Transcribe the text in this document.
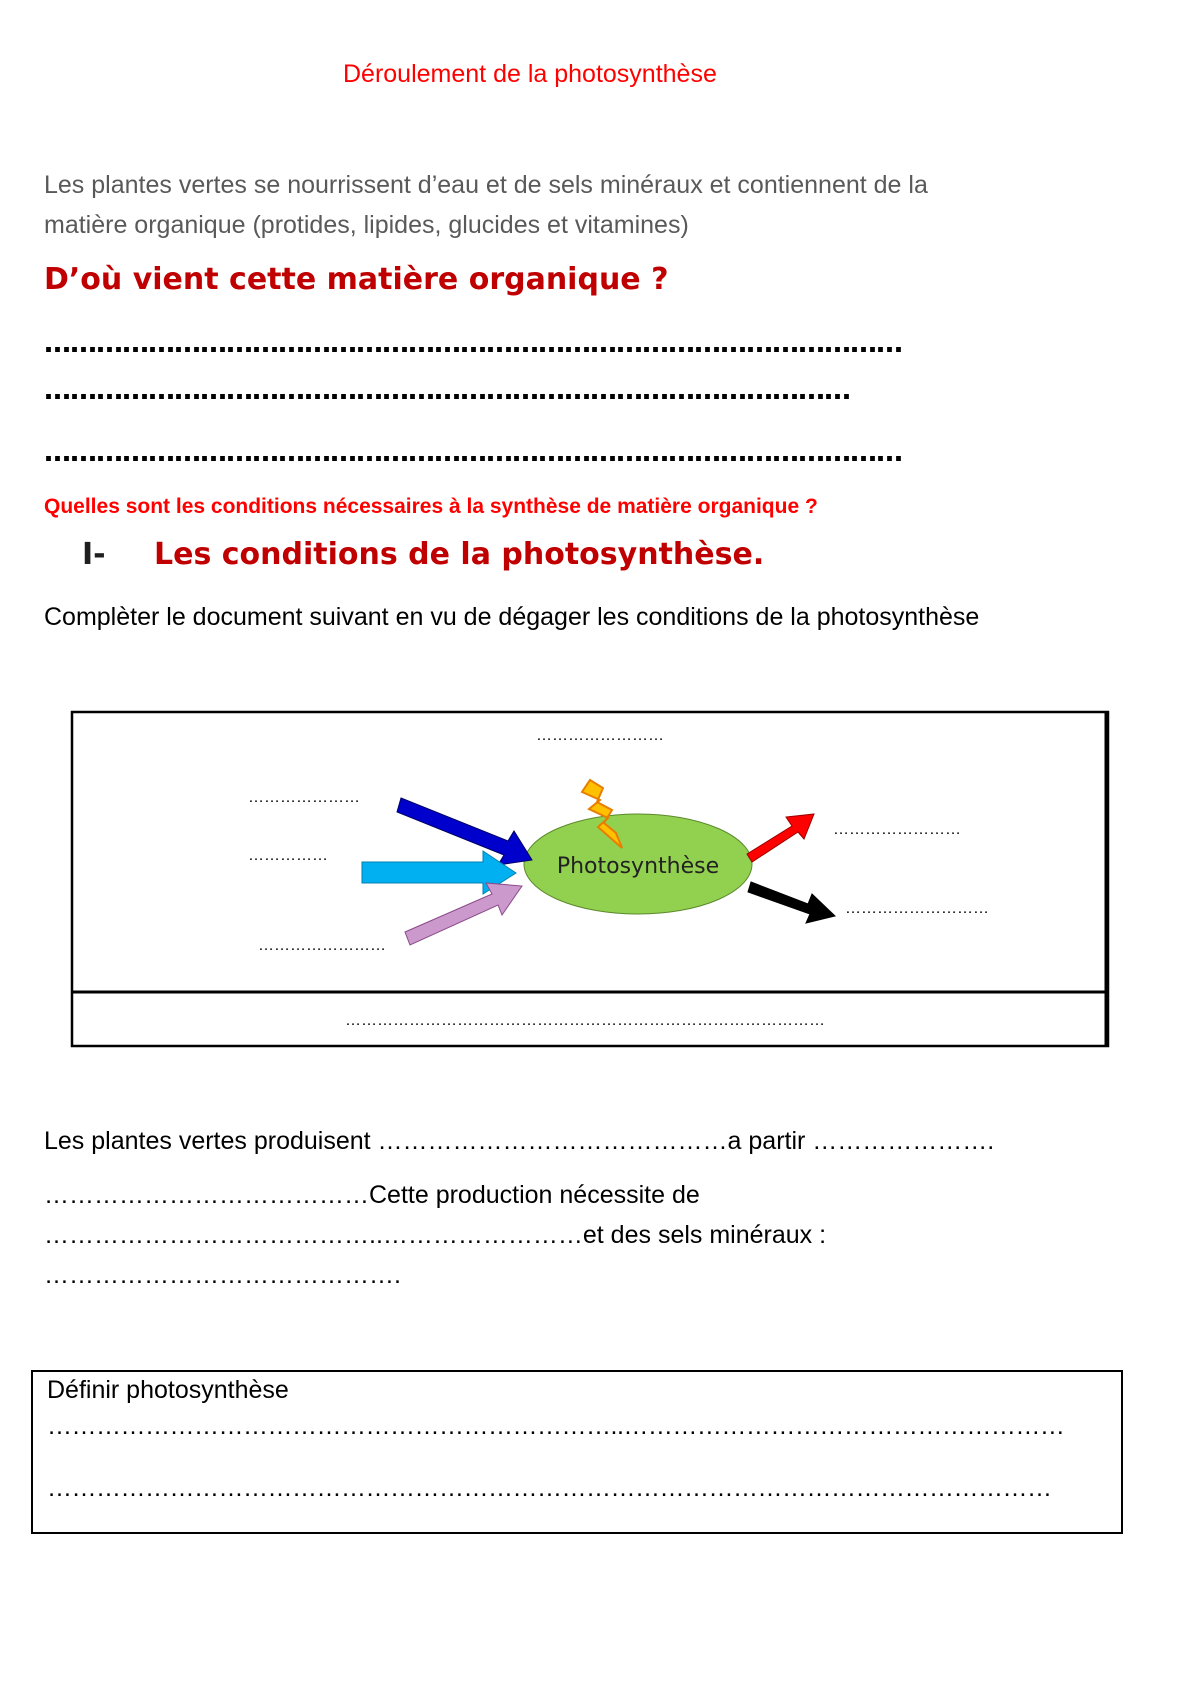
Déroulement de la photosynthèse
Les plantes vertes se nourrissent d’eau et de sels minéraux et contiennent de la
matière organique (protides, lipides, glucides et vitamines)
D’où vient cette matière organique ?
………………………………………………………………………………………
…………………………………………………………………………………
………………………………………………………………………………………
Quelles sont les conditions nécessaires à la synthèse de matière organique ?
I- Les conditions de la photosynthèse.
Complèter le document suivant en vu de dégager les conditions de la photosynthèse
Photosynthèse
……………………
…………………
……………
……………………
……………………
………………………
………………………………………………………………………………
Les plantes vertes produisent ……………………………………a partir ………………….
…………………………………Cette production nécessite de
…………………………………..……………………et des sels minéraux :
…………………………………….
Définir photosynthèse
……………………………………………………………..………………………………………………
……………………………………………………………………………………………………………
